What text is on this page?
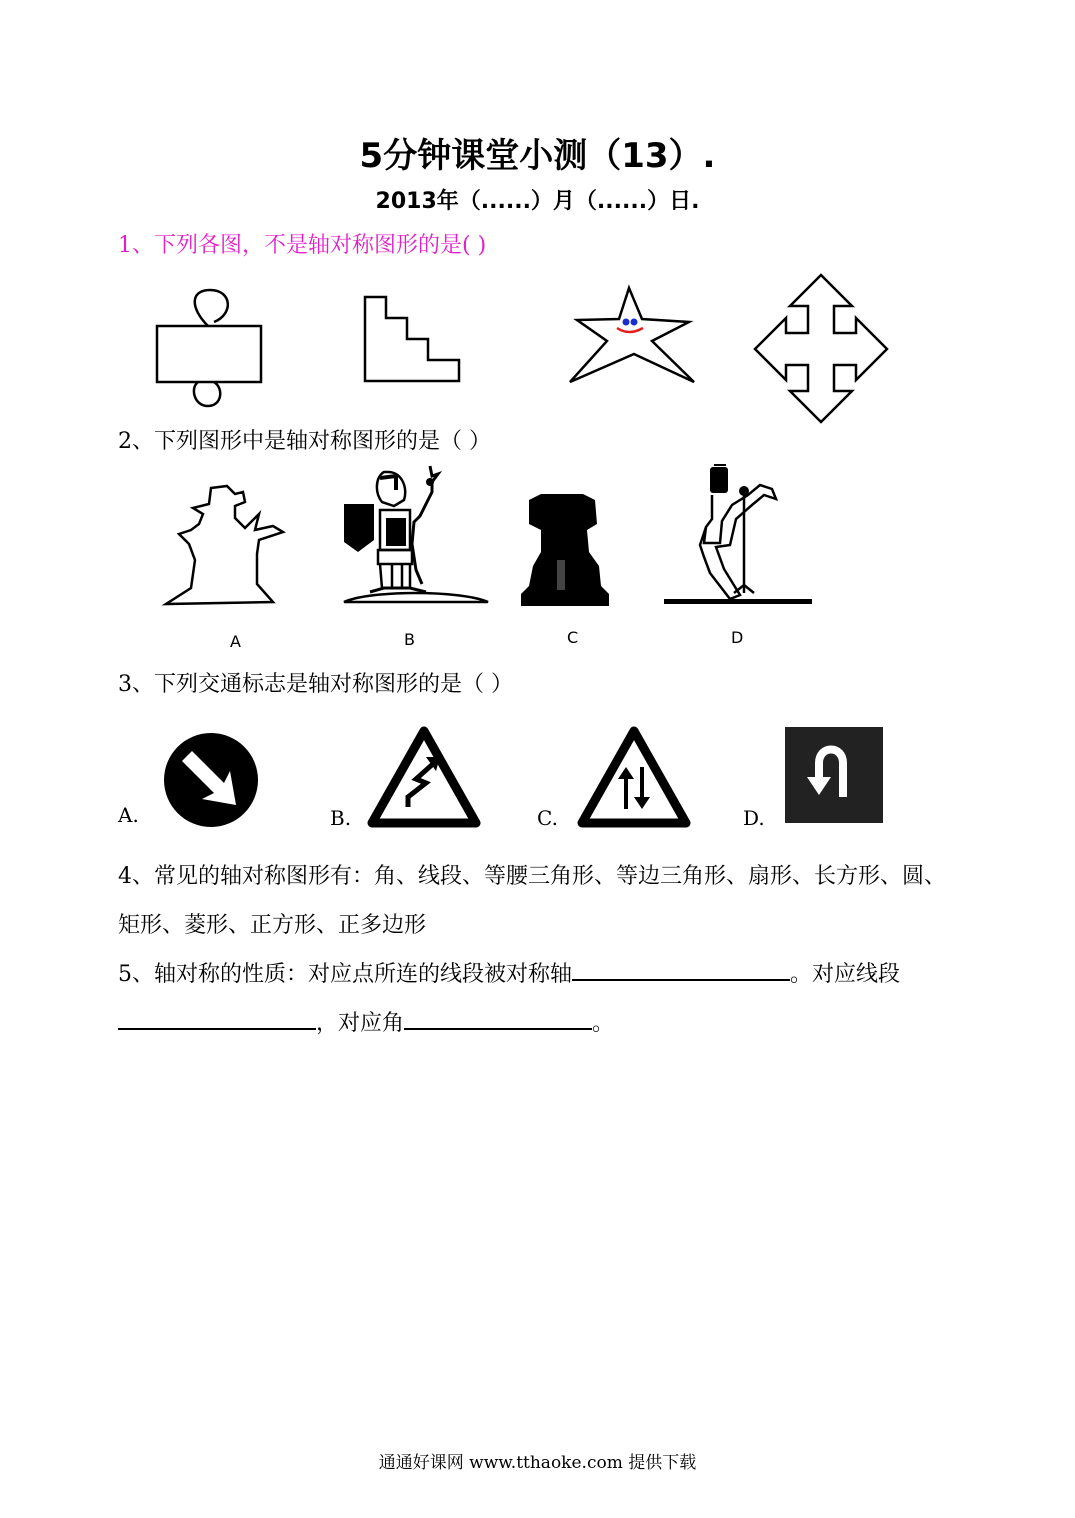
5分钟课堂小测（13）.
2013年（......）月（......）日.
1、下列各图，不是轴对称图形的是( )
2、下列图形中是轴对称图形的是（ ）
A	B	C	D
3、下列交通标志是轴对称图形的是（ ）
A.	B.	C.	D.
4、常见的轴对称图形有：角、线段、等腰三角形、等边三角形、扇形、长方形、圆、矩形、菱形、正方形、正多边形
5、轴对称的性质：对应点所连的线段被对称轴	。对应线段，对应角	。
通通好课网 www.tthaoke.com 提供下载
